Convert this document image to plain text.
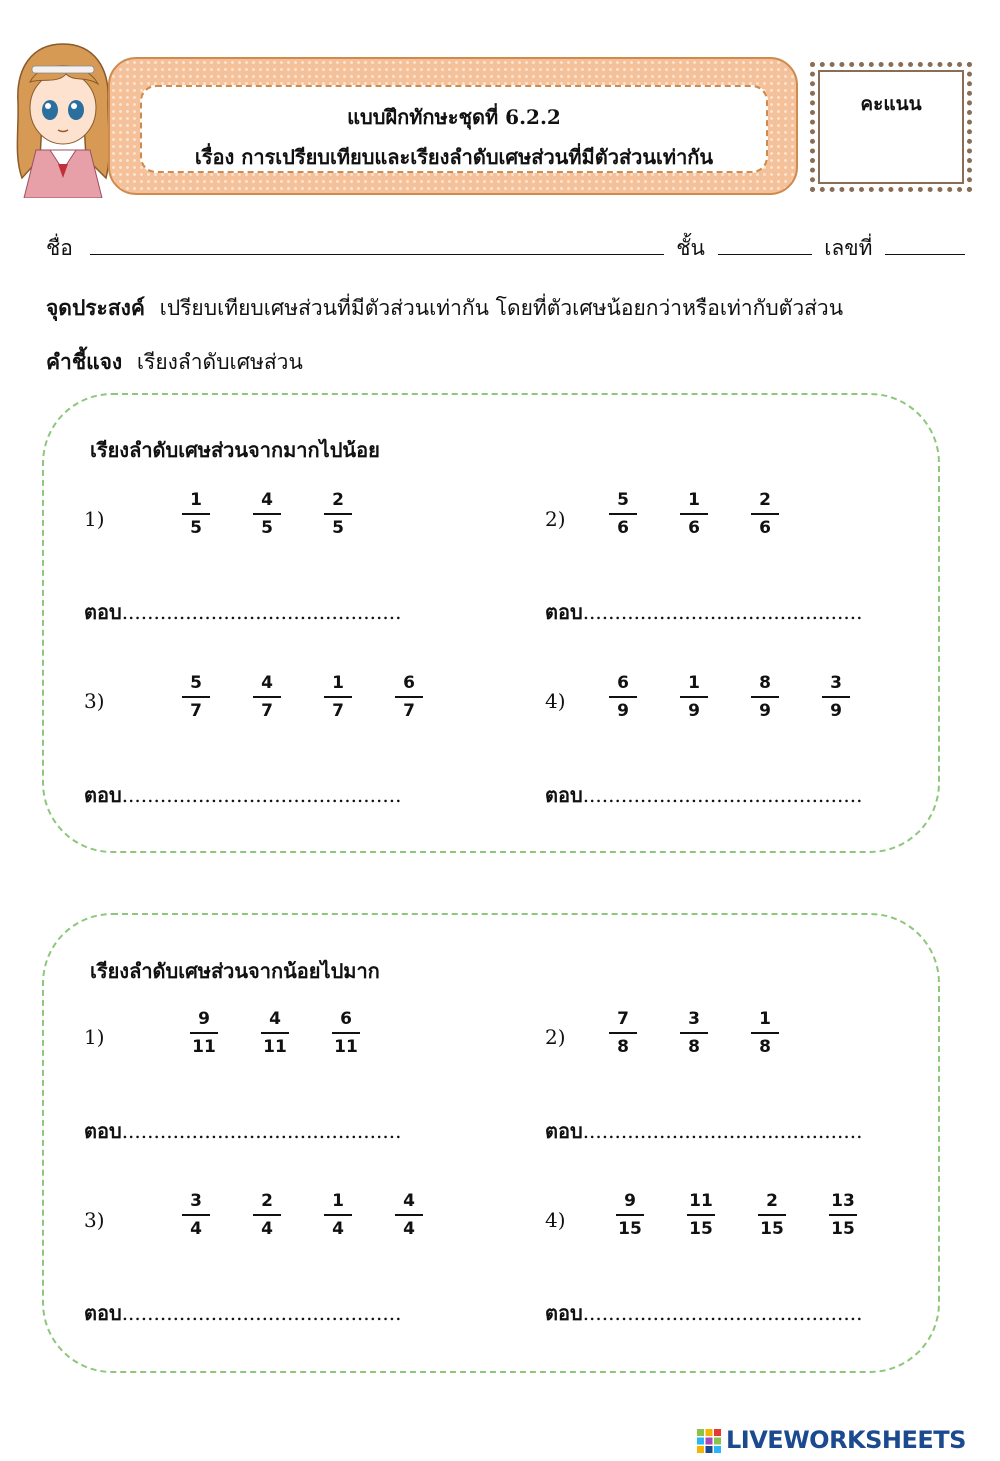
แบบฝึกทักษะชุดที่ 6.2.2
เรื่อง การเปรียบเทียบและเรียงลำดับเศษส่วนที่มีตัวส่วนเท่ากัน
คะแนน
ชื่อ	ชั้น	เลขที่
จุดประสงค์ เปรียบเทียบเศษส่วนที่มีตัวส่วนเท่ากัน โดยที่ตัวเศษน้อยกว่าหรือเท่ากับตัวส่วน
คำชี้แจง เรียงลำดับเศษส่วน
เรียงลำดับเศษส่วนจากมากไปน้อย
1)	$\frac{1}{5} \frac{4}{5} \frac{2}{5}$	$2) \frac{5}{6} \frac{1}{6} \frac{2}{6}$
ตอบ............................................	ตอบ............................................
3)	$\frac{5}{7} \frac{4}{7} \frac{1}{7} \frac{6}{7}$	$4) \frac{6}{9} \frac{1}{9} \frac{8}{9} \frac{3}{9}$
ตอบ............................................	ตอบ............................................
เรียงลำดับเศษส่วนจากน้อยไปมาก
1)	$\frac{9}{11} \frac{4}{11} \frac{6}{11}$	$2) \frac{7}{8} \frac{3}{8} \frac{1}{8}$
ตอบ............................................	ตอบ............................................
3)	$\frac{3}{4} \frac{2}{4} \frac{1}{4} \frac{4}{4}$	4)	$\frac{9}{15} \frac{11}{15} \frac{2}{15} \frac{13}{15}$
ตอบ............................................	ตอบ............................................
LIVEWORKSHEETS
